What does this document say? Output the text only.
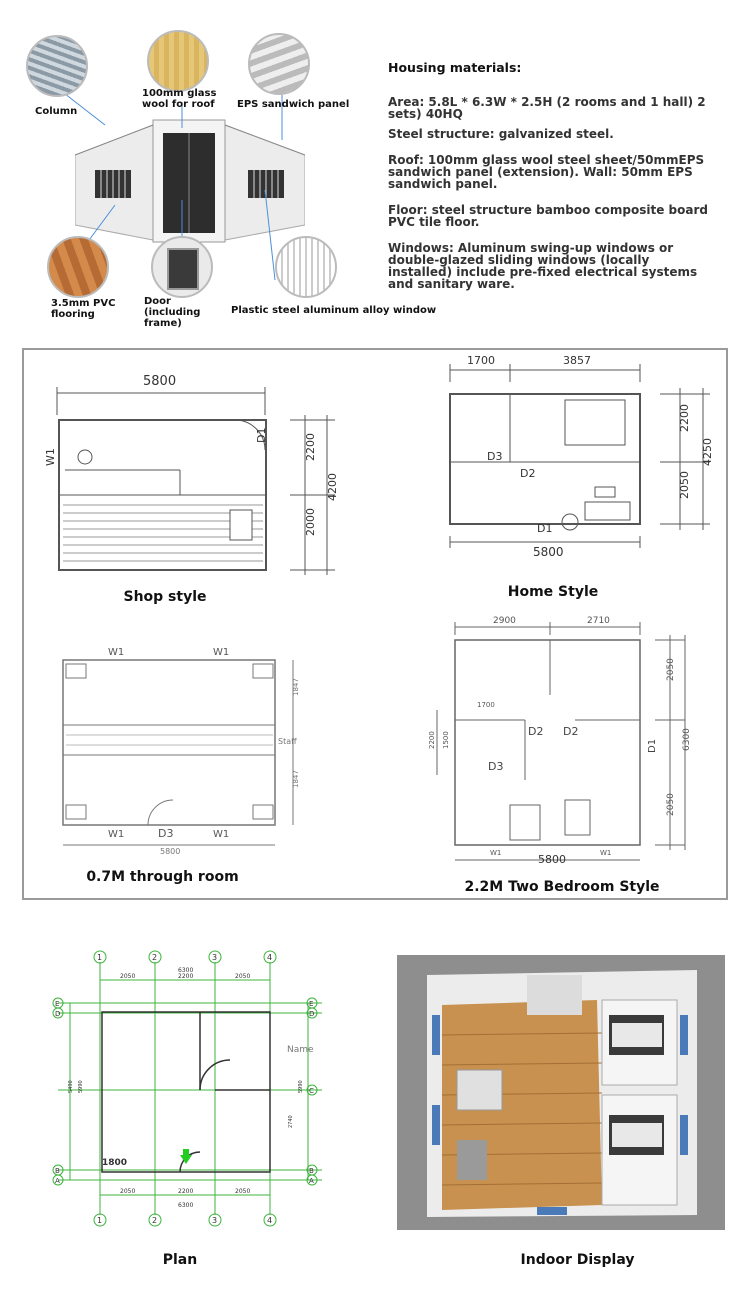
Column
100mm glass wool for roof	EPS sandwich panel
3.5mm PVC flooring
Door (including frame)
Plastic steel aluminum alloy window

Housing materials:

Area: 5.8L * 6.3W * 2.5H (2 rooms and 1 hall) 2 sets) 40HQ

Steel structure: galvanized steel.

Roof: 100mm glass wool steel sheet/50mmEPS sandwich panel (extension). Wall: 50mm EPS sandwich panel.

Floor: steel structure bamboo composite board PVC tile floor.

Windows: Aluminum swing-up windows or double-glazed sliding windows (locally installed) include pre-fixed electrical systems and sanitary ware.

5800
W1
D1	2200
2000
4200
Shop style
1700	3857
D3
D2
D1
5800
2200
2050
4250
Home Style
W1	W1
W1	W1
D3
5800
Staff
1847
1847
0.7M through room
2900	2710
1700
D2 D2
D3
D1
5800
2050
2050
6300
2200 1500
W1	W1
2.2M Two Bedroom Style
1	2	3	4
1	2	3	4
E
D
B
A
E
D
C
B
A
6300
2050	2200	2050
2050	2200	2050
6300
Name
1800
5490 5990	5990
2740
Plan	Indoor Display
